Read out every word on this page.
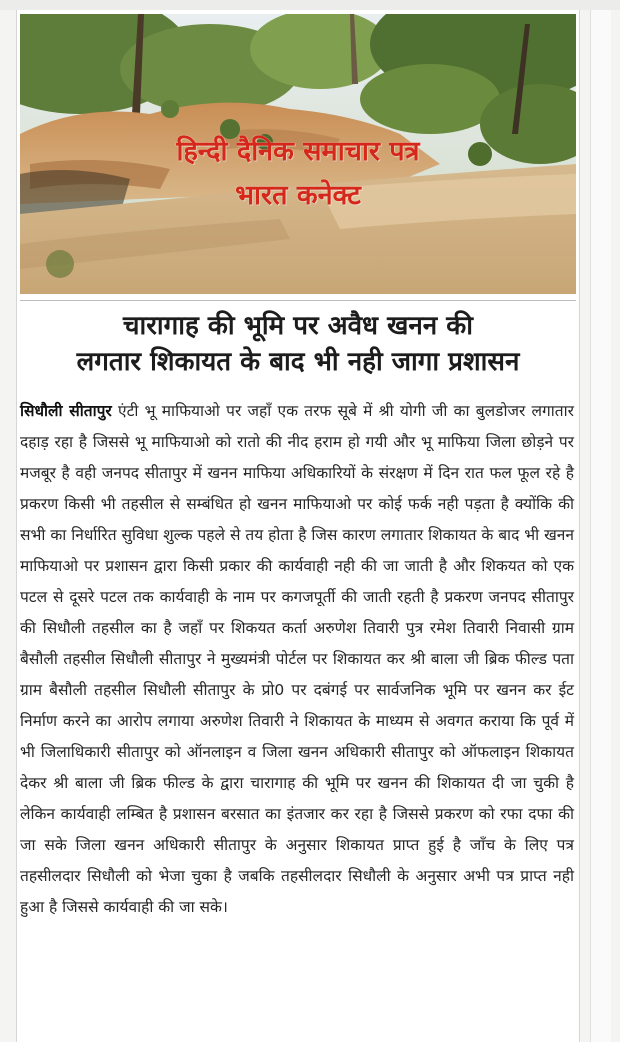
हिन्दी दैनिक समाचार पत्र
भारत कनेक्ट
चारागाह की भूमि पर अवैध खनन की
लगतार शिकायत के बाद भी नही जागा प्रशासन
सिधौली सीतापुर एंटी भू माफियाओ पर जहाँ एक तरफ सूबे में श्री योगी जी का बुलडोजर लगातार दहाड़ रहा है जिससे भू माफियाओ को रातो की नीद हराम हो गयी और भू माफिया जिला छोड़ने पर मजबूर है वही जनपद सीतापुर में खनन माफिया अधिकारियों के संरक्षण में दिन रात फल फूल रहे है प्रकरण किसी भी तहसील से सम्बंधित हो खनन माफियाओ पर कोई फर्क नही पड़ता है क्योंकि की सभी का निर्धारित सुविधा शुल्क पहले से तय होता है जिस कारण लगातार शिकायत के बाद भी खनन माफियाओ पर प्रशासन द्वारा किसी प्रकार की कार्यवाही नही की जा जाती है और शिकयत को एक पटल से दूसरे पटल तक कार्यवाही के नाम पर कगजपूर्ती की जाती रहती है प्रकरण जनपद सीतापुर की सिधौली तहसील का है जहाँ पर शिकयत कर्ता अरुणेश तिवारी पुत्र रमेश तिवारी निवासी ग्राम बैसौली तहसील सिधौली सीतापुर ने मुख्यमंत्री पोर्टल पर शिकायत कर श्री बाला जी ब्रिक फील्ड पता ग्राम बैसौली तहसील सिधौली सीतापुर के प्रो0 पर दबंगई पर सार्वजनिक भूमि पर खनन कर ईट निर्माण करने का आरोप लगाया अरुणेश तिवारी ने शिकायत के माध्यम से अवगत कराया कि पूर्व में भी जिलाधिकारी सीतापुर को ऑनलाइन व जिला खनन अधिकारी सीतापुर को ऑफलाइन शिकायत देकर श्री बाला जी ब्रिक फील्ड के द्वारा चारागाह की भूमि पर खनन की शिकायत दी जा चुकी है लेकिन कार्यवाही लम्बित है प्रशासन बरसात का इंतजार कर रहा है जिससे प्रकरण को रफा दफा की जा सके जिला खनन अधिकारी सीतापुर के अनुसार शिकायत प्राप्त हुई है जाँच के लिए पत्र तहसीलदार सिधौली को भेजा चुका है जबकि तहसीलदार सिधौली के अनुसार अभी पत्र प्राप्त नही हुआ है जिससे कार्यवाही की जा सके।
